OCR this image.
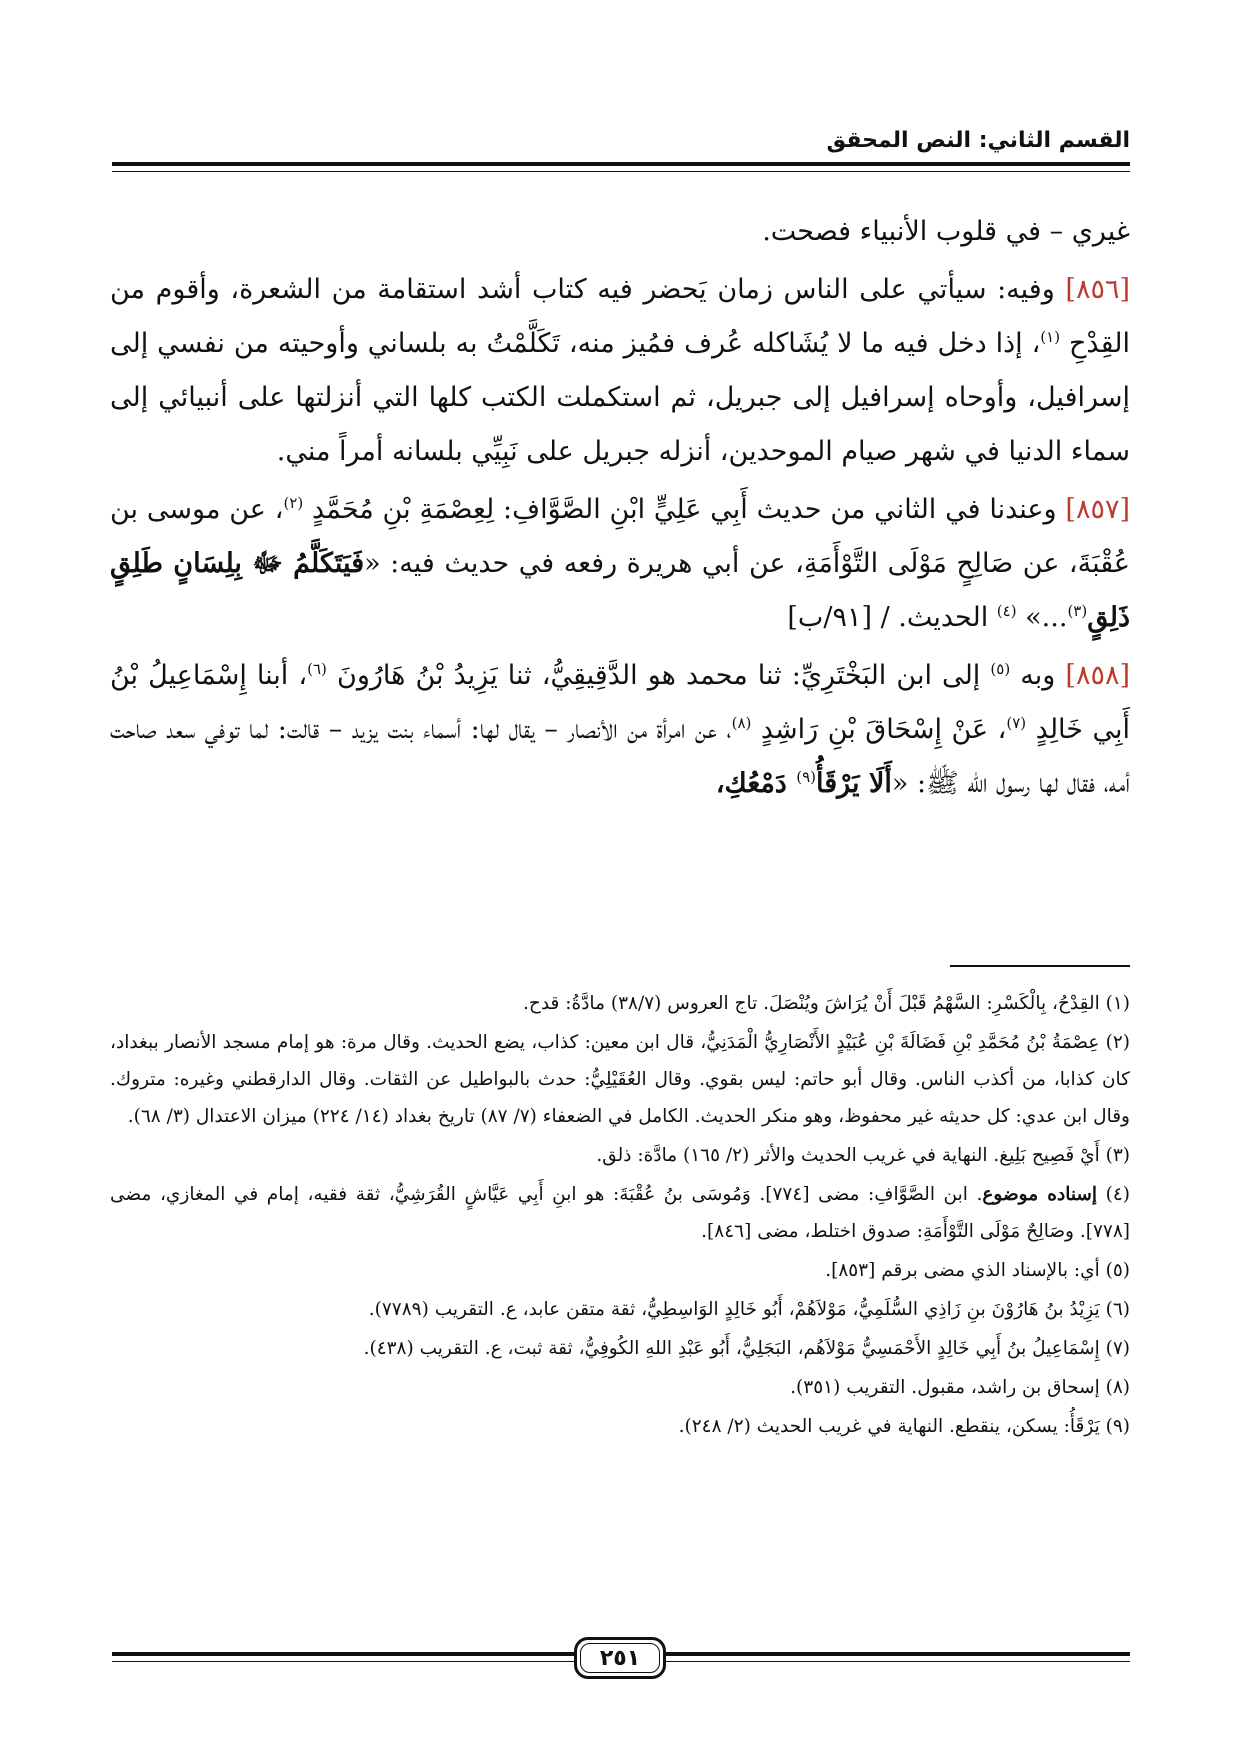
القسم الثاني: النص المحقق

غيري – في قلوب الأنبياء فصحت.

[٨٥٦] وفيه: سيأتي على الناس زمان يَحضر فيه كتاب أشد استقامة من الشعرة، وأقوم من القِدْحِ $^{(١)}$، إذا دخل فيه ما لا يُشَاكله عُرف فمُيز منه، تَكَلَّمْتُ به بلساني وأوحيته من نفسي إلى إسرافيل، وأوحاه إسرافيل إلى جبريل، ثم استكملت الكتب كلها التي أنزلتها على أنبيائي إلى سماء الدنيا في شهر صيام الموحدين، أنزله جبريل على نَبِيِّي بلسانه أمراً مني.

[٨٥٧] وعندنا في الثاني من حديث أَبِي عَلِيٍّ ابْنِ الصَّوَّافِ: لِعِصْمَةِ بْنِ مُحَمَّدٍ $^{(٢)}$، عن موسى بن عُقْبَةَ، عن صَالِحٍ مَوْلَى التَّوْأَمَةِ، عن أبي هريرة رفعه في حديث فيه: «فَيَتَكَلَّمُ ﷻ بِلِسَانٍ طَلِقٍ ذَلِقٍ$^{(٣)}$...» $^{(٤)}$ الحديث. / [٩١/ب]

[٨٥٨] وبه $^{(٥)}$ إلى ابن البَخْتَرِيِّ: ثنا محمد هو الدَّقِيقِيُّ، ثنا يَزِيدُ بْنُ هَارُونَ $^{(٦)}$، أبنا إِسْمَاعِيلُ بْنُ أَبِي خَالِدٍ $^{(٧)}$، عَنْ إِسْحَاقَ بْنِ رَاشِدٍ $^{(٨)}$، عن امرأة من الأنصار – يقال لها: أسماء بنت يزيد – قالت: لما توفي سعد صاحت أمه، فقال لها رسول الله ﷺ: «أَلَا يَرْقَأُ$^{(٩)}$ دَمْعُكِ،

(١) القِدْحُ، بِالْكَسْرِ: السَّهْمُ قَبْلَ أَنْ يُرَاشَ ويُنْصَلَ. تاج العروس (٣٨/٧) مادَّةُ: قدح.
(٢) عِصْمَةُ بْنُ مُحَمَّدِ بْنِ فَضَالَةَ بْنِ عُبَيْدٍ الأَنْصَارِيُّ الْمَدَنِيُّ، قال ابن معين: كذاب، يضع الحديث. وقال مرة: هو إمام مسجد الأنصار ببغداد، كان كذابا، من أكذب الناس. وقال أبو حاتم: ليس بقوي. وقال العُقَيْلِيُّ: حدث بالبواطيل عن الثقات. وقال الدارقطني وغيره: متروك. وقال ابن عدي: كل حديثه غير محفوظ، وهو منكر الحديث. الكامل في الضعفاء (٧/ ٨٧) تاريخ بغداد (١٤/ ٢٢٤) ميزان الاعتدال (٣/ ٦٨).
(٣) أَيْ فَصِيح بَلِيغ. النهاية في غريب الحديث والأثر (٢/ ١٦٥) مادَّة: ذلق.
(٤) إسناده موضوع. ابن الصَّوَّافِ: مضى [٧٧٤]. وَمُوسَى بنُ عُقْبَةَ: هو ابنِ أَبِي عَيَّاشٍ القُرَشِيُّ، ثقة فقيه، إمام في المغازي، مضى [٧٧٨]. وصَالِحٌ مَوْلَى التَّوْأَمَةِ: صدوق اختلط، مضى [٨٤٦].
(٥) أي: بالإسناد الذي مضى برقم [٨٥٣].
(٦) يَزِيْدُ بنُ هَارُوْنَ بنِ زَاذِي السُّلَمِيُّ، مَوْلاَهُمْ، أَبُو خَالِدٍ الوَاسِطِيُّ، ثقة متقن عابد، ع. التقريب (٧٧٨٩).
(٧) إِسْمَاعِيلُ بنُ أَبِي خَالِدٍ الأَحْمَسِيُّ مَوْلاَهُم، البَجَلِيُّ، أَبُو عَبْدِ اللهِ الكُوفِيُّ، ثقة ثبت، ع. التقريب (٤٣٨).
(٨) إسحاق بن راشد، مقبول. التقريب (٣٥١).
(٩) يَرْقَأُ: يسكن، ينقطع. النهاية في غريب الحديث (٢/ ٢٤٨).
٢٥١
